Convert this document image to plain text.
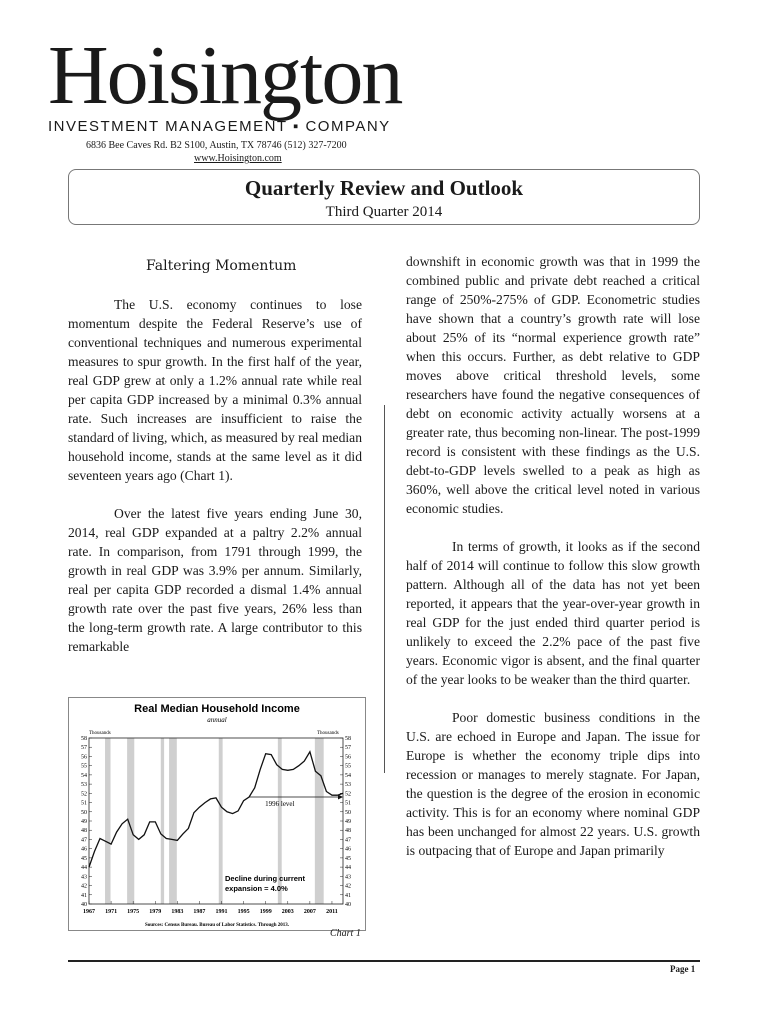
Hoisington
INVESTMENT MANAGEMENT ▪ COMPANY
6836 Bee Caves Rd. B2 S100, Austin, TX 78746 (512) 327-7200
www.Hoisington.com
Quarterly Review and Outlook
Third Quarter 2014
Faltering Momentum

The U.S. economy continues to lose momentum despite the Federal Reserve’s use of conventional techniques and numerous experimental measures to spur growth. In the first half of the year, real GDP grew at only a 1.2% annual rate while real per capita GDP increased by a minimal 0.3% annual rate. Such increases are insufficient to raise the standard of living, which, as measured by real median household income, stands at the same level as it did seventeen years ago (Chart 1).

Over the latest five years ending June 30, 2014, real GDP expanded at a paltry 2.2% annual rate. In comparison, from 1791 through 1999, the growth in real GDP was 3.9% per annum. Similarly, real per capita GDP recorded a dismal 1.4% annual growth rate over the past five years, 26% less than the long-term growth rate. A large contributor to this remarkable

downshift in economic growth was that in 1999 the combined public and private debt reached a critical range of 250%-275% of GDP. Econometric studies have shown that a country’s growth rate will lose about 25% of its “normal experience growth rate” when this occurs. Further, as debt relative to GDP moves above critical threshold levels, some researchers have found the negative consequences of debt on economic activity actually worsens at a greater rate, thus becoming non-linear. The post-1999 record is consistent with these findings as the U.S. debt-to-GDP levels swelled to a peak as high as 360%, well above the critical level noted in various economic studies.

In terms of growth, it looks as if the second half of 2014 will continue to follow this slow growth pattern. Although all of the data has not yet been reported, it appears that the year-over-year growth in real GDP for the just ended third quarter period is unlikely to exceed the 2.2% pace of the past five years. Economic vigor is absent, and the final quarter of the year looks to be weaker than the third quarter.

Poor domestic business conditions in the U.S. are echoed in Europe and Japan. The issue for Europe is whether the economy triple dips into recession or manages to merely stagnate. For Japan, the question is the degree of the erosion in economic activity. This is for an economy where nominal GDP has been unchanged for almost 22 years. U.S. growth is outpacing that of Europe and Japan primarily

Real Median Household Income
annual
Thousands	Thousands
40
41
42
43
44
45
46
47
48
49
50
51
52
53
54
55
56
57
58
40
41
42
43
44
45
46
47
48
49
50
51
52
53
54
55
56
57
58
1967 1971 1975 1979 1983 1987 1991 1995 1999 2003 2007 2011
1996 level
Decline during current
expansion = 4.0%
Sources: Census Bureau. Bureau of Labor Statistics. Through 2013.
Chart 1
Page 1
